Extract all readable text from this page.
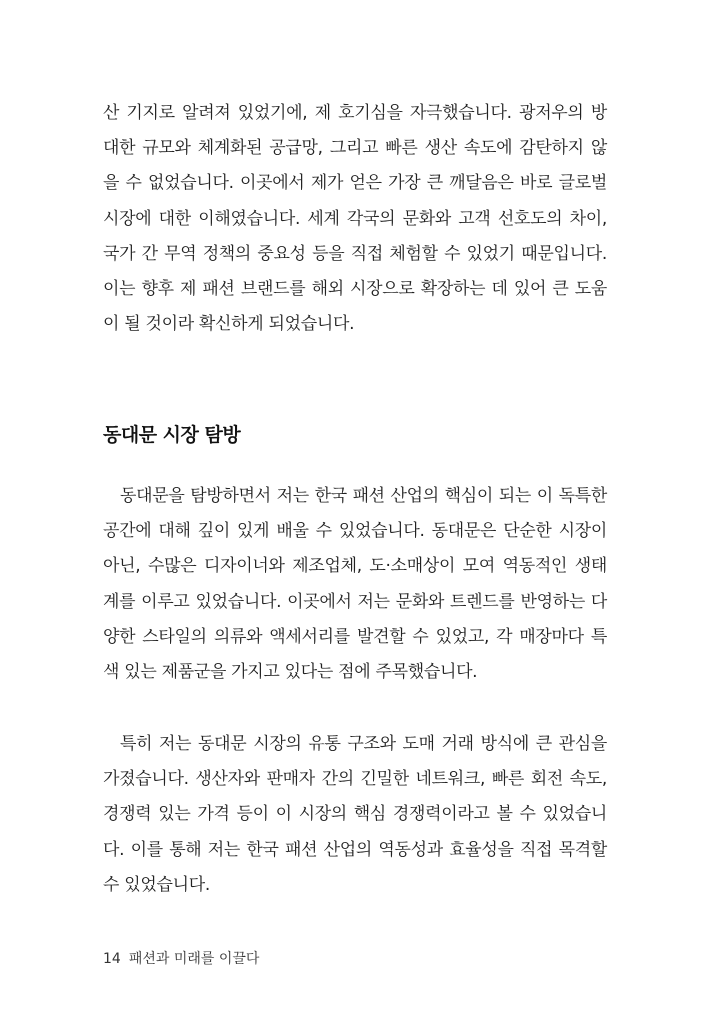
산 기지로 알려져 있었기에, 제 호기심을 자극했습니다. 광저우의 방
대한 규모와 체계화된 공급망, 그리고 빠른 생산 속도에 감탄하지 않
을 수 없었습니다. 이곳에서 제가 얻은 가장 큰 깨달음은 바로 글로벌
시장에 대한 이해였습니다. 세계 각국의 문화와 고객 선호도의 차이,
국가 간 무역 정책의 중요성 등을 직접 체험할 수 있었기 때문입니다.
이는 향후 제 패션 브랜드를 해외 시장으로 확장하는 데 있어 큰 도움
이 될 것이라 확신하게 되었습니다.
동대문 시장 탐방
동대문을 탐방하면서 저는 한국 패션 산업의 핵심이 되는 이 독특한
공간에 대해 깊이 있게 배울 수 있었습니다. 동대문은 단순한 시장이
아닌, 수많은 디자이너와 제조업체, 도·소매상이 모여 역동적인 생태
계를 이루고 있었습니다. 이곳에서 저는 문화와 트렌드를 반영하는 다
양한 스타일의 의류와 액세서리를 발견할 수 있었고, 각 매장마다 특
색 있는 제품군을 가지고 있다는 점에 주목했습니다.
특히 저는 동대문 시장의 유통 구조와 도매 거래 방식에 큰 관심을
가졌습니다. 생산자와 판매자 간의 긴밀한 네트워크, 빠른 회전 속도,
경쟁력 있는 가격 등이 이 시장의 핵심 경쟁력이라고 볼 수 있었습니
다. 이를 통해 저는 한국 패션 산업의 역동성과 효율성을 직접 목격할
수 있었습니다.
14 패션과 미래를 이끌다
